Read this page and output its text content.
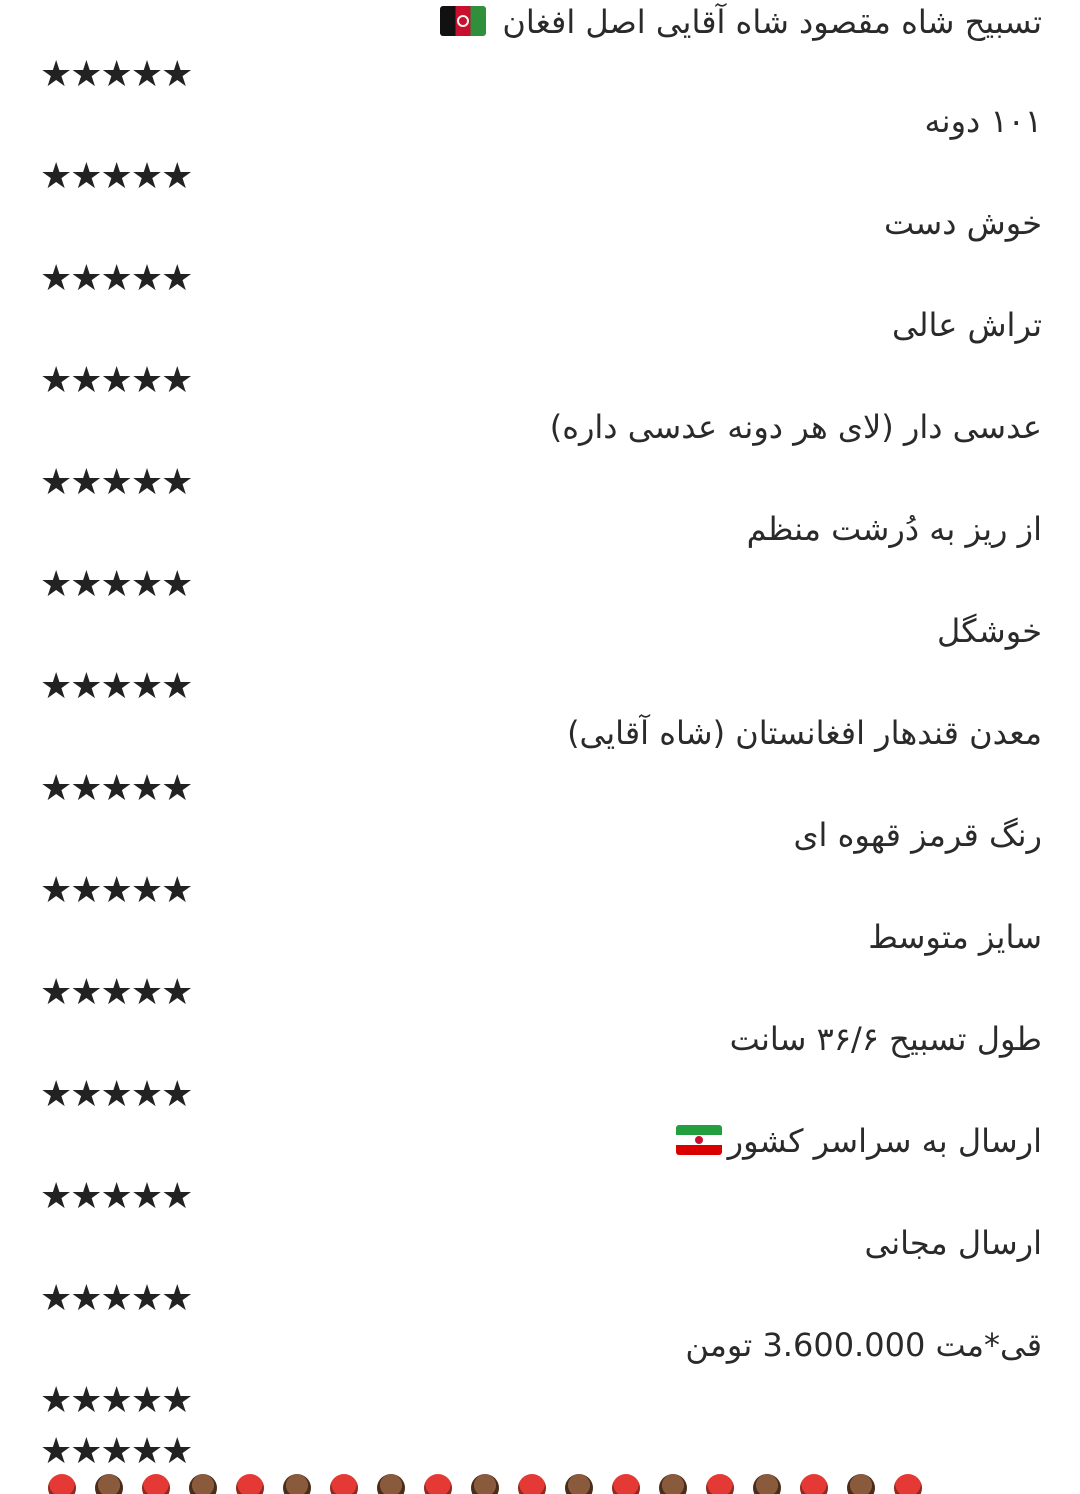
تسبیح شاه مقصود شاه آقایی اصل افغان
★★★★★
۱۰۱ دونه
★★★★★
خوش دست
★★★★★
تراش عالی
★★★★★
عدسی دار (لای هر دونه عدسی داره)
★★★★★
از ریز به دُرشت منظم
★★★★★
خوشگل
★★★★★
معدن قندهار افغانستان (شاه آقایی)
★★★★★
رنگ قرمز قهوه ای
★★★★★
سایز متوسط
★★★★★
طول تسبیح ۳۶/۶ سانت
★★★★★
ارسال به سراسر کشور
★★★★★
ارسال مجانی
★★★★★
قی*مت 3.600.000 تومن
★★★★★
★★★★★
